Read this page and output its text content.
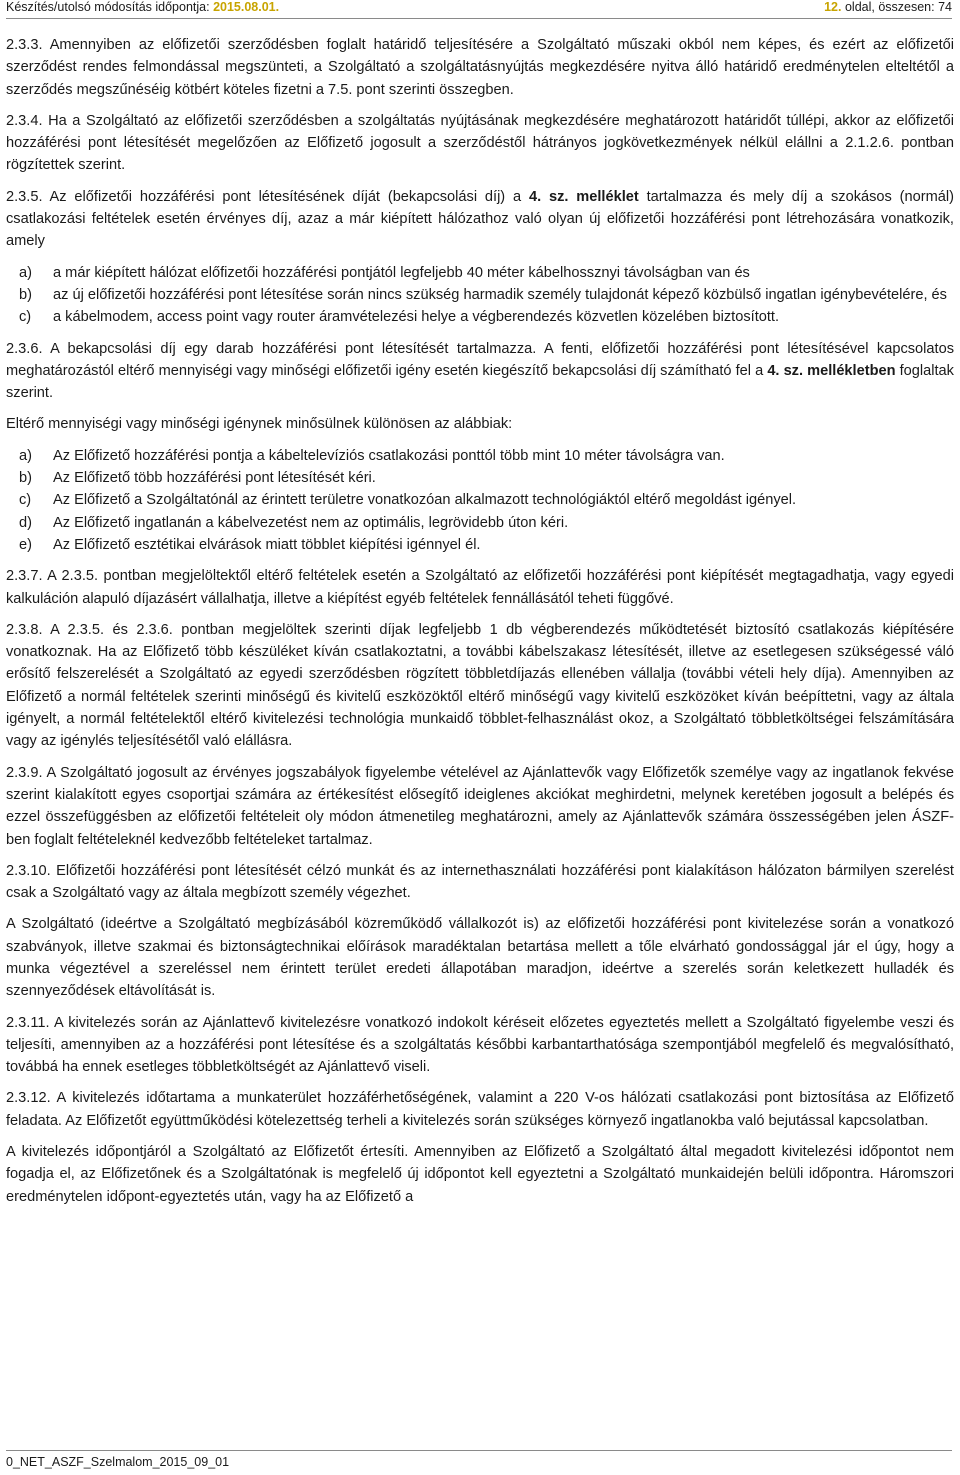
Készítés/utolsó módosítás időpontja: 2015.08.01.	12. oldal, összesen: 74

2.3.3. Amennyiben az előfizetői szerződésben foglalt határidő teljesítésére a Szolgáltató műszaki okból nem képes, és ezért az előfizetői szerződést rendes felmondással megszünteti, a Szolgáltató a szolgáltatásnyújtás megkezdésére nyitva álló határidő eredménytelen elteltétől a szerződés megszűnéséig kötbért köteles fizetni a 7.5. pont szerinti összegben.

2.3.4. Ha a Szolgáltató az előfizetői szerződésben a szolgáltatás nyújtásának megkezdésére meghatározott határidőt túllépi, akkor az előfizetői hozzáférési pont létesítését megelőzően az Előfizető jogosult a szerződéstől hátrányos jogkövetkezmények nélkül elállni a 2.1.2.6. pontban rögzítettek szerint.

2.3.5. Az előfizetői hozzáférési pont létesítésének díját (bekapcsolási díj) a 4. sz. melléklet tartalmazza és mely díj a szokásos (normál) csatlakozási feltételek esetén érvényes díj, azaz a már kiépített hálózathoz való olyan új előfizetői hozzáférési pont létrehozására vonatkozik, amely

a)	a már kiépített hálózat előfizetői hozzáférési pontjától legfeljebb 40 méter kábelhossznyi távolságban van és
b)	az új előfizetői hozzáférési pont létesítése során nincs szükség harmadik személy tulajdonát képező közbülső ingatlan igénybevételére, és
c)	a kábelmodem, access point vagy router áramvételezési helye a végberendezés közvetlen közelében biztosított.

2.3.6. A bekapcsolási díj egy darab hozzáférési pont létesítését tartalmazza. A fenti, előfizetői hozzáférési pont létesítésével kapcsolatos meghatározástól eltérő mennyiségi vagy minőségi előfizetői igény esetén kiegészítő bekapcsolási díj számítható fel a 4. sz. mellékletben foglaltak szerint.

Eltérő mennyiségi vagy minőségi igénynek minősülnek különösen az alábbiak:

a)	Az Előfizető hozzáférési pontja a kábeltelevíziós csatlakozási ponttól több mint 10 méter távolságra van.
b)	Az Előfizető több hozzáférési pont létesítését kéri.
c)	Az Előfizető a Szolgáltatónál az érintett területre vonatkozóan alkalmazott technológiáktól eltérő megoldást igényel.
d)	Az Előfizető ingatlanán a kábelvezetést nem az optimális, legrövidebb úton kéri.
e)	Az Előfizető esztétikai elvárások miatt többlet kiépítési igénnyel él.

2.3.7. A 2.3.5. pontban megjelöltektől eltérő feltételek esetén a Szolgáltató az előfizetői hozzáférési pont kiépítését megtagadhatja, vagy egyedi kalkuláción alapuló díjazásért vállalhatja, illetve a kiépítést egyéb feltételek fennállásától teheti függővé.

2.3.8. A 2.3.5. és 2.3.6. pontban megjelöltek szerinti díjak legfeljebb 1 db végberendezés működtetését biztosító csatlakozás kiépítésére vonatkoznak. Ha az Előfizető több készüléket kíván csatlakoztatni, a további kábelszakasz létesítését, illetve az esetlegesen szükségessé váló erősítő felszerelését a Szolgáltató az egyedi szerződésben rögzített többletdíjazás ellenében vállalja (további vételi hely díja). Amennyiben az Előfizető a normál feltételek szerinti minőségű és kivitelű eszközöktől eltérő minőségű vagy kivitelű eszközöket kíván beépíttetni, vagy az általa igényelt, a normál feltételektől eltérő kivitelezési technológia munkaidő többlet-felhasználást okoz, a Szolgáltató többletköltségei felszámítására vagy az igénylés teljesítésétől való elállásra.

2.3.9. A Szolgáltató jogosult az érvényes jogszabályok figyelembe vételével az Ajánlattevők vagy Előfizetők személye vagy az ingatlanok fekvése szerint kialakított egyes csoportjai számára az értékesítést elősegítő ideiglenes akciókat meghirdetni, melynek keretében jogosult a belépés és ezzel összefüggésben az előfizetői feltételeit oly módon átmenetileg meghatározni, amely az Ajánlattevők számára összességében jelen ÁSZF-ben foglalt feltételeknél kedvezőbb feltételeket tartalmaz.

2.3.10. Előfizetői hozzáférési pont létesítését célzó munkát és az internethasználati hozzáférési pont kialakításon hálózaton bármilyen szerelést csak a Szolgáltató vagy az általa megbízott személy végezhet.

A Szolgáltató (ideértve a Szolgáltató megbízásából közreműködő vállalkozót is) az előfizetői hozzáférési pont kivitelezése során a vonatkozó szabványok, illetve szakmai és biztonságtechnikai előírások maradéktalan betartása mellett a tőle elvárható gondossággal jár el úgy, hogy a munka végeztével a szereléssel nem érintett terület eredeti állapotában maradjon, ideértve a szerelés során keletkezett hulladék és szennyeződések eltávolítását is.

2.3.11. A kivitelezés során az Ajánlattevő kivitelezésre vonatkozó indokolt kéréseit előzetes egyeztetés mellett a Szolgáltató figyelembe veszi és teljesíti, amennyiben az a hozzáférési pont létesítése és a szolgáltatás későbbi karbantarthatósága szempontjából megfelelő és megvalósítható, továbbá ha ennek esetleges többletköltségét az Ajánlattevő viseli.

2.3.12. A kivitelezés időtartama a munkaterület hozzáférhetőségének, valamint a 220 V-os hálózati csatlakozási pont biztosítása az Előfizető feladata. Az Előfizetőt együttműködési kötelezettség terheli a kivitelezés során szükséges környező ingatlanokba való bejutással kapcsolatban.

A kivitelezés időpontjáról a Szolgáltató az Előfizetőt értesíti. Amennyiben az Előfizető a Szolgáltató által megadott kivitelezési időpontot nem fogadja el, az Előfizetőnek és a Szolgáltatónak is megfelelő új időpontot kell egyeztetni a Szolgáltató munkaidején belüli időpontra. Háromszori eredménytelen időpont-egyeztetés után, vagy ha az Előfizető a

0_NET_ASZF_Szelmalom_2015_09_01
